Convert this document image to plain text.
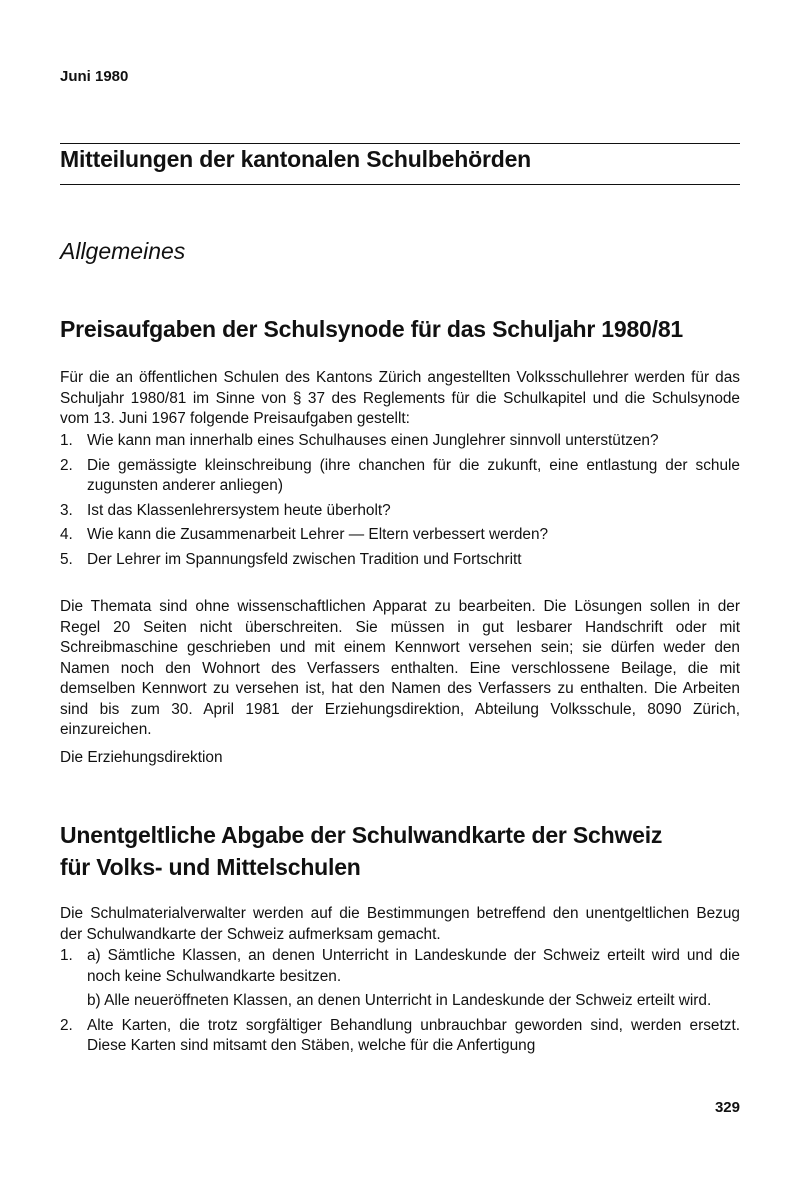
Juni 1980
Mitteilungen der kantonalen Schulbehörden
Allgemeines
Preisaufgaben der Schulsynode für das Schuljahr 1980/81

Für die an öffentlichen Schulen des Kantons Zürich angestellten Volksschullehrer werden für das Schuljahr 1980/81 im Sinne von § 37 des Reglements für die Schulkapitel und die Schulsynode vom 13. Juni 1967 folgende Preisaufgaben gestellt:

1. Wie kann man innerhalb eines Schulhauses einen Junglehrer sinnvoll unterstützen?
2. Die gemässigte kleinschreibung (ihre chanchen für die zukunft, eine entlastung der schule zugunsten anderer anliegen)
3. Ist das Klassenlehrersystem heute überholt?
4. Wie kann die Zusammenarbeit Lehrer — Eltern verbessert werden?
5. Der Lehrer im Spannungsfeld zwischen Tradition und Fortschritt

Die Themata sind ohne wissenschaftlichen Apparat zu bearbeiten. Die Lösungen sollen in der Regel 20 Seiten nicht überschreiten. Sie müssen in gut lesbarer Handschrift oder mit Schreibmaschine geschrieben und mit einem Kennwort versehen sein; sie dürfen weder den Namen noch den Wohnort des Verfassers enthalten. Eine verschlossene Beilage, die mit demselben Kennwort zu versehen ist, hat den Namen des Verfassers zu enthalten. Die Arbeiten sind bis zum 30. April 1981 der Erziehungsdirektion, Abteilung Volksschule, 8090 Zürich, einzureichen.

Die Erziehungsdirektion
Unentgeltliche Abgabe der Schulwandkarte der Schweiz
für Volks- und Mittelschulen

Die Schulmaterialverwalter werden auf die Bestimmungen betreffend den unentgeltlichen Bezug der Schulwandkarte der Schweiz aufmerksam gemacht.

1. a) Sämtliche Klassen, an denen Unterricht in Landeskunde der Schweiz erteilt wird und die noch keine Schulwandkarte besitzen.
b) Alle neueröffneten Klassen, an denen Unterricht in Landeskunde der Schweiz erteilt wird.
2. Alte Karten, die trotz sorgfältiger Behandlung unbrauchbar geworden sind, werden ersetzt. Diese Karten sind mitsamt den Stäben, welche für die Anfertigung
329
